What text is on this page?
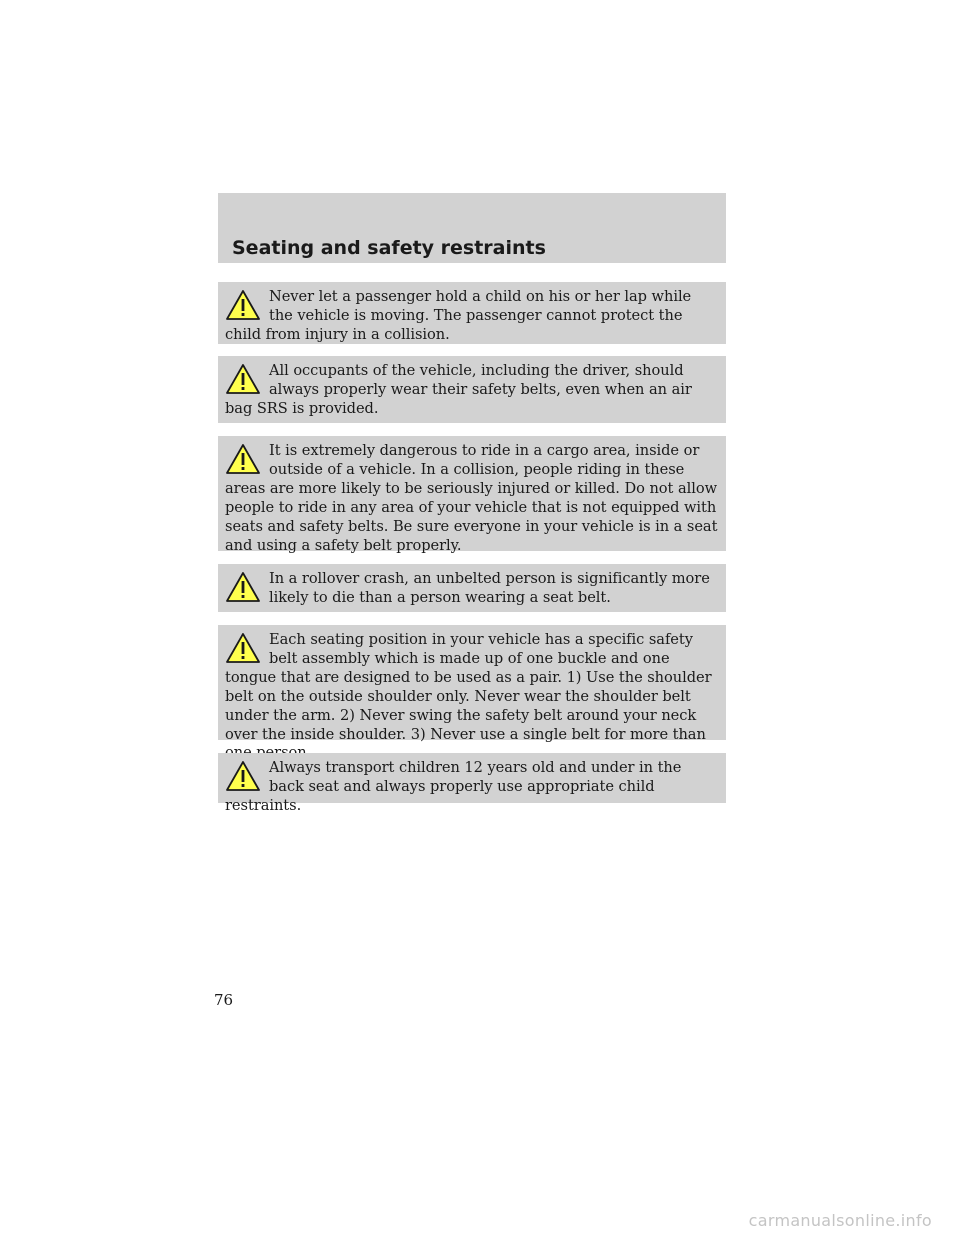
Seating and safety restraints

Never let a passenger hold a child on his or her lap while the vehicle is moving. The passenger cannot protect the child from injury in a collision.

All occupants of the vehicle, including the driver, should always properly wear their safety belts, even when an air bag SRS is provided.

It is extremely dangerous to ride in a cargo area, inside or outside of a vehicle. In a collision, people riding in these areas are more likely to be seriously injured or killed. Do not allow people to ride in any area of your vehicle that is not equipped with seats and safety belts. Be sure everyone in your vehicle is in a seat and using a safety belt properly.

In a rollover crash, an unbelted person is significantly more likely to die than a person wearing a seat belt.

Each seating position in your vehicle has a specific safety belt assembly which is made up of one buckle and one tongue that are designed to be used as a pair. 1) Use the shoulder belt on the outside shoulder only. Never wear the shoulder belt under the arm. 2) Never swing the safety belt around your neck over the inside shoulder. 3) Never use a single belt for more than

Always transport children 12 years old and under in the back seat and always properly use appropriate child restraints.

76
carmanualsonline.info
